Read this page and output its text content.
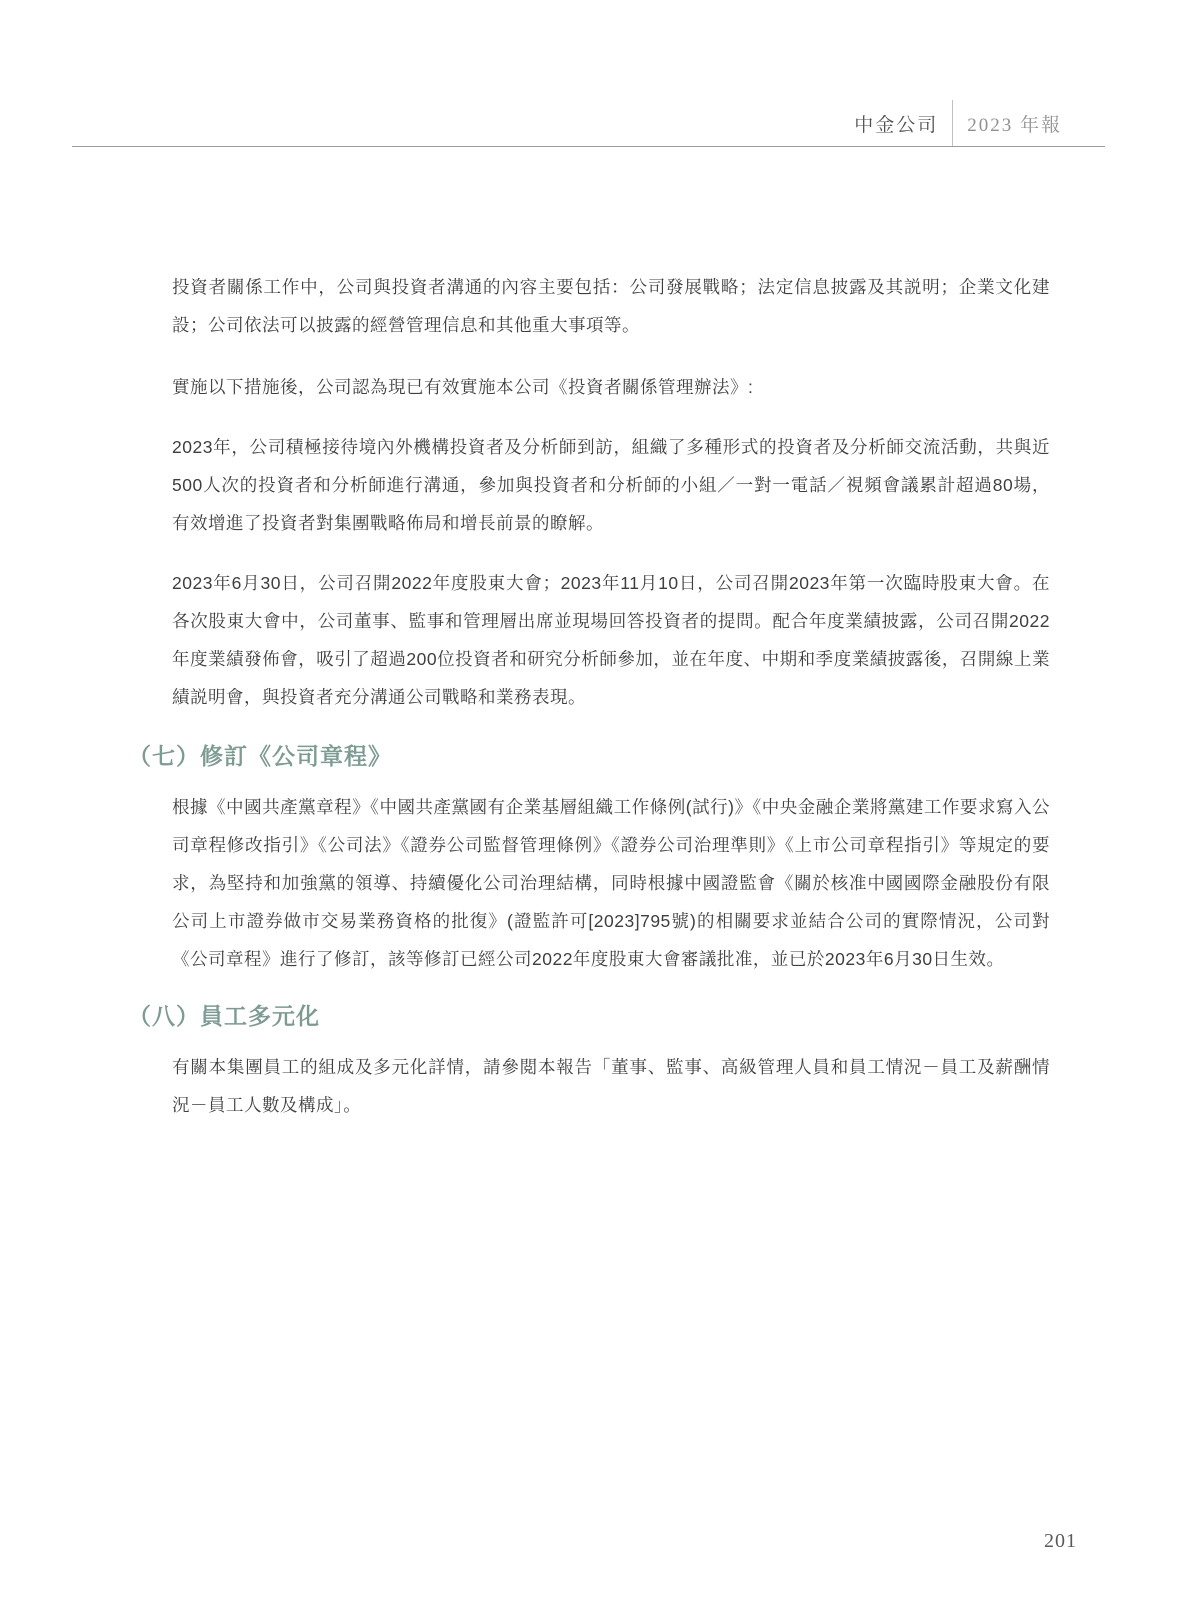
中金公司	2023 年報

投資者關係工作中，公司與投資者溝通的內容主要包括：公司發展戰略；法定信息披露及其説明；企業文化建設；公司依法可以披露的經營管理信息和其他重大事項等。

實施以下措施後，公司認為現已有效實施本公司《投資者關係管理辦法》:

2023年，公司積極接待境內外機構投資者及分析師到訪，組織了多種形式的投資者及分析師交流活動，共與近500人次的投資者和分析師進行溝通，參加與投資者和分析師的小組／一對一電話／視頻會議累計超過80場，有效增進了投資者對集團戰略佈局和增長前景的瞭解。

2023年6月30日，公司召開2022年度股東大會；2023年11月10日，公司召開2023年第一次臨時股東大會。在各次股東大會中，公司董事、監事和管理層出席並現場回答投資者的提問。配合年度業績披露，公司召開2022年度業績發佈會，吸引了超過200位投資者和研究分析師參加，並在年度、中期和季度業績披露後，召開線上業績説明會，與投資者充分溝通公司戰略和業務表現。

（七）修訂《公司章程》

根據《中國共產黨章程》《中國共產黨國有企業基層組織工作條例(試行)》《中央金融企業將黨建工作要求寫入公司章程修改指引》《公司法》《證券公司監督管理條例》《證券公司治理準則》《上市公司章程指引》等規定的要求，為堅持和加強黨的領導、持續優化公司治理結構，同時根據中國證監會《關於核准中國國際金融股份有限公司上市證券做市交易業務資格的批復》(證監許可[2023]795號)的相關要求並結合公司的實際情況，公司對《公司章程》進行了修訂，該等修訂已經公司2022年度股東大會審議批准，並已於2023年6月30日生效。

（八）員工多元化

有關本集團員工的組成及多元化詳情，請參閲本報告「董事、監事、高級管理人員和員工情況－員工及薪酬情況－員工人數及構成」。

201
